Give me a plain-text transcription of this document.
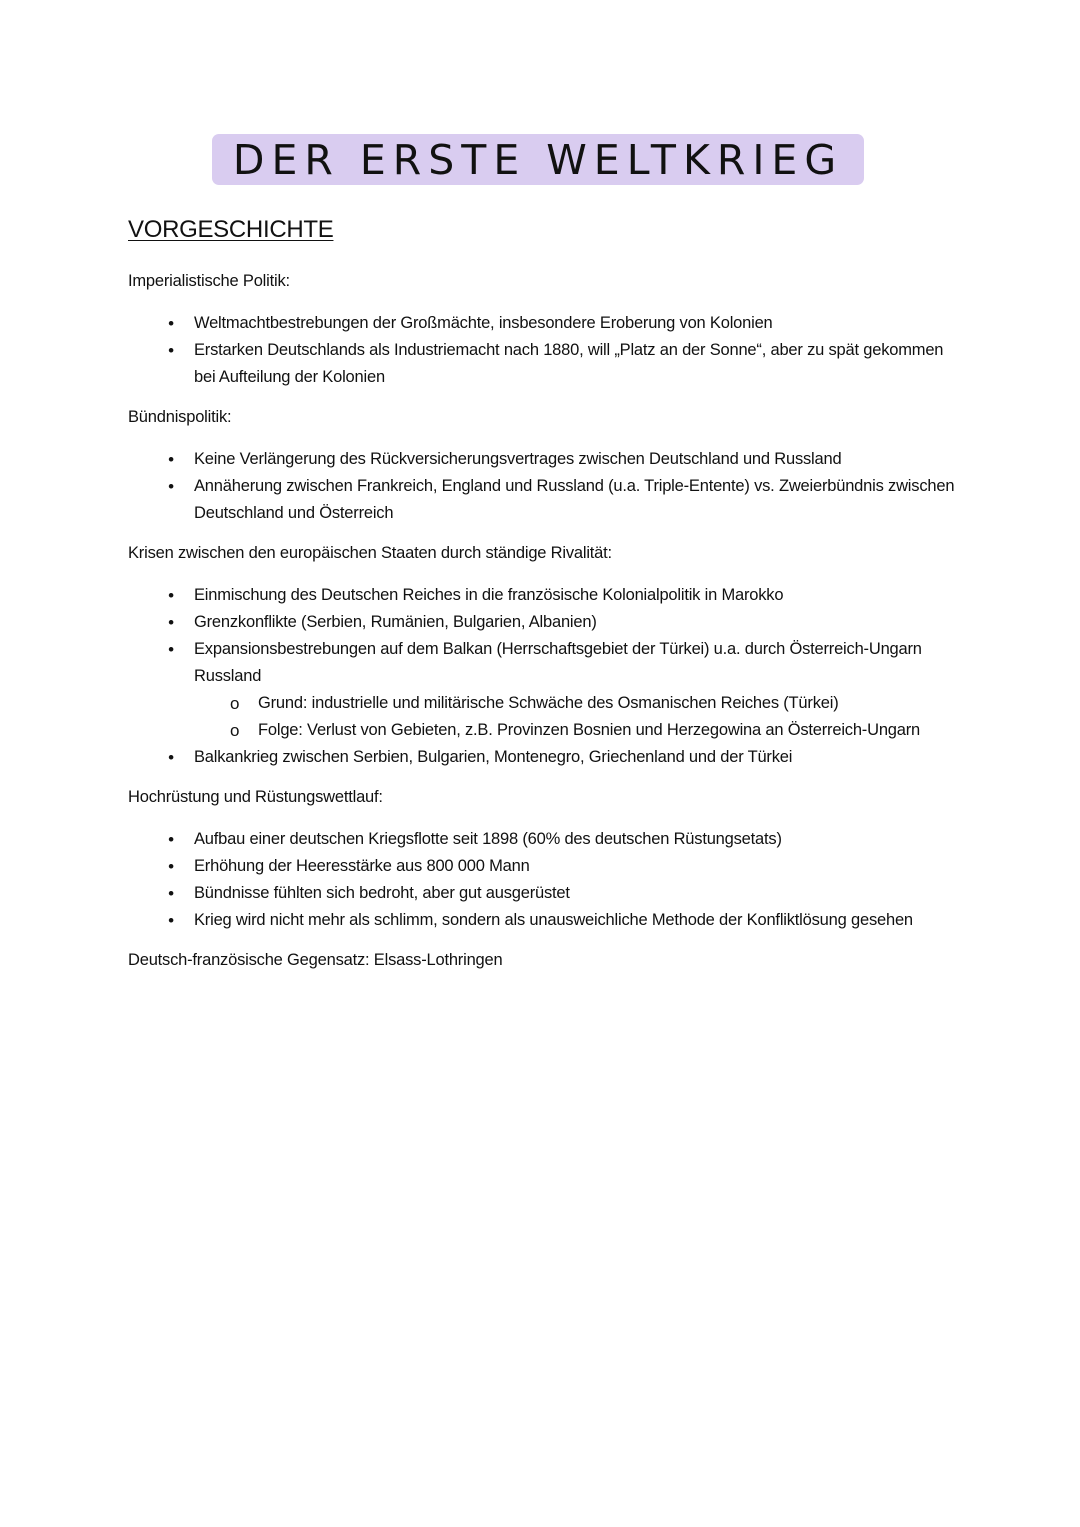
DER ERSTE WELTKRIEG
VORGESCHICHTE

Imperialistische Politik:

• Weltmachtbestrebungen der Großmächte, insbesondere Eroberung von Kolonien
• Erstarken Deutschlands als Industriemacht nach 1880, will „Platz an der Sonne“, aber zu spät gekommen bei Aufteilung der Kolonien

Bündnispolitik:

• Keine Verlängerung des Rückversicherungsvertrages zwischen Deutschland und Russland
• Annäherung zwischen Frankreich, England und Russland (u.a. Triple-Entente) vs. Zweierbündnis zwischen Deutschland und Österreich

Krisen zwischen den europäischen Staaten durch ständige Rivalität:

• Einmischung des Deutschen Reiches in die französische Kolonialpolitik in Marokko
• Grenzkonflikte (Serbien, Rumänien, Bulgarien, Albanien)
• Expansionsbestrebungen auf dem Balkan (Herrschaftsgebiet der Türkei) u.a. durch Österreich-Ungarn Russland
o Grund: industrielle und militärische Schwäche des Osmanischen Reiches (Türkei)
o Folge: Verlust von Gebieten, z.B. Provinzen Bosnien und Herzegowina an Österreich-Ungarn
• Balkankrieg zwischen Serbien, Bulgarien, Montenegro, Griechenland und der Türkei

Hochrüstung und Rüstungswettlauf:

• Aufbau einer deutschen Kriegsflotte seit 1898 (60% des deutschen Rüstungsetats)
• Erhöhung der Heeresstärke aus 800 000 Mann
• Bündnisse fühlten sich bedroht, aber gut ausgerüstet
• Krieg wird nicht mehr als schlimm, sondern als unausweichliche Methode der Konfliktlösung gesehen

Deutsch-französische Gegensatz: Elsass-Lothringen
